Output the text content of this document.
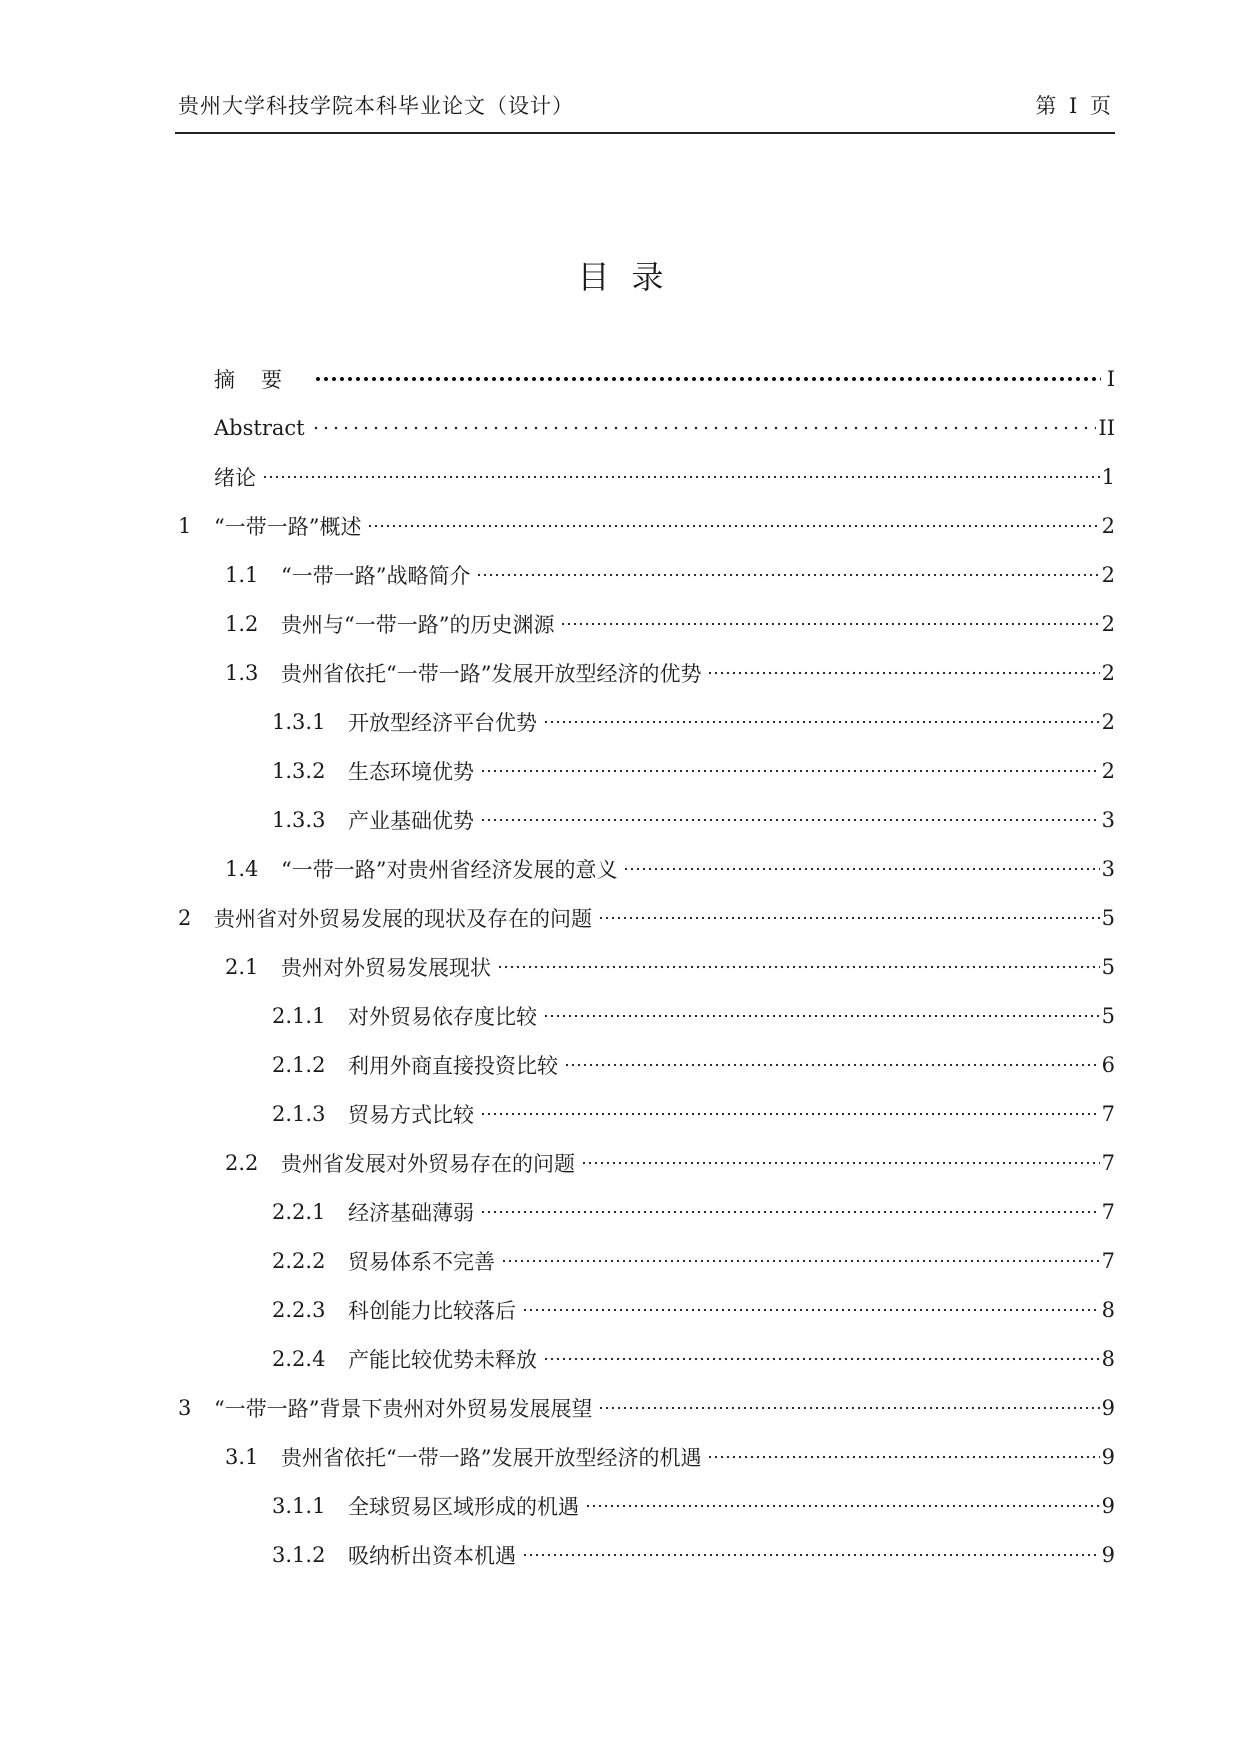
贵州大学科技学院本科毕业论文（设计）	第 I 页
目录
摘要	I
Abstract	II
绪论	1
1	“一带一路”概述	2
1.1	“一带一路”战略简介	2
1.2	贵州与“一带一路”的历史渊源	2
1.3	贵州省依托“一带一路”发展开放型经济的优势	2
1.3.1	开放型经济平台优势	2
1.3.2	生态环境优势	2
1.3.3	产业基础优势	3
1.4	“一带一路”对贵州省经济发展的意义	3
2	贵州省对外贸易发展的现状及存在的问题	5
2.1	贵州对外贸易发展现状	5
2.1.1	对外贸易依存度比较	5
2.1.2	利用外商直接投资比较	6
2.1.3	贸易方式比较	7
2.2	贵州省发展对外贸易存在的问题	7
2.2.1	经济基础薄弱	7
2.2.2	贸易体系不完善	7
2.2.3	科创能力比较落后	8
2.2.4	产能比较优势未释放	8
3	“一带一路”背景下贵州对外贸易发展展望	9
3.1	贵州省依托“一带一路”发展开放型经济的机遇	9
3.1.1	全球贸易区域形成的机遇	9
3.1.2	吸纳析出资本机遇	9
